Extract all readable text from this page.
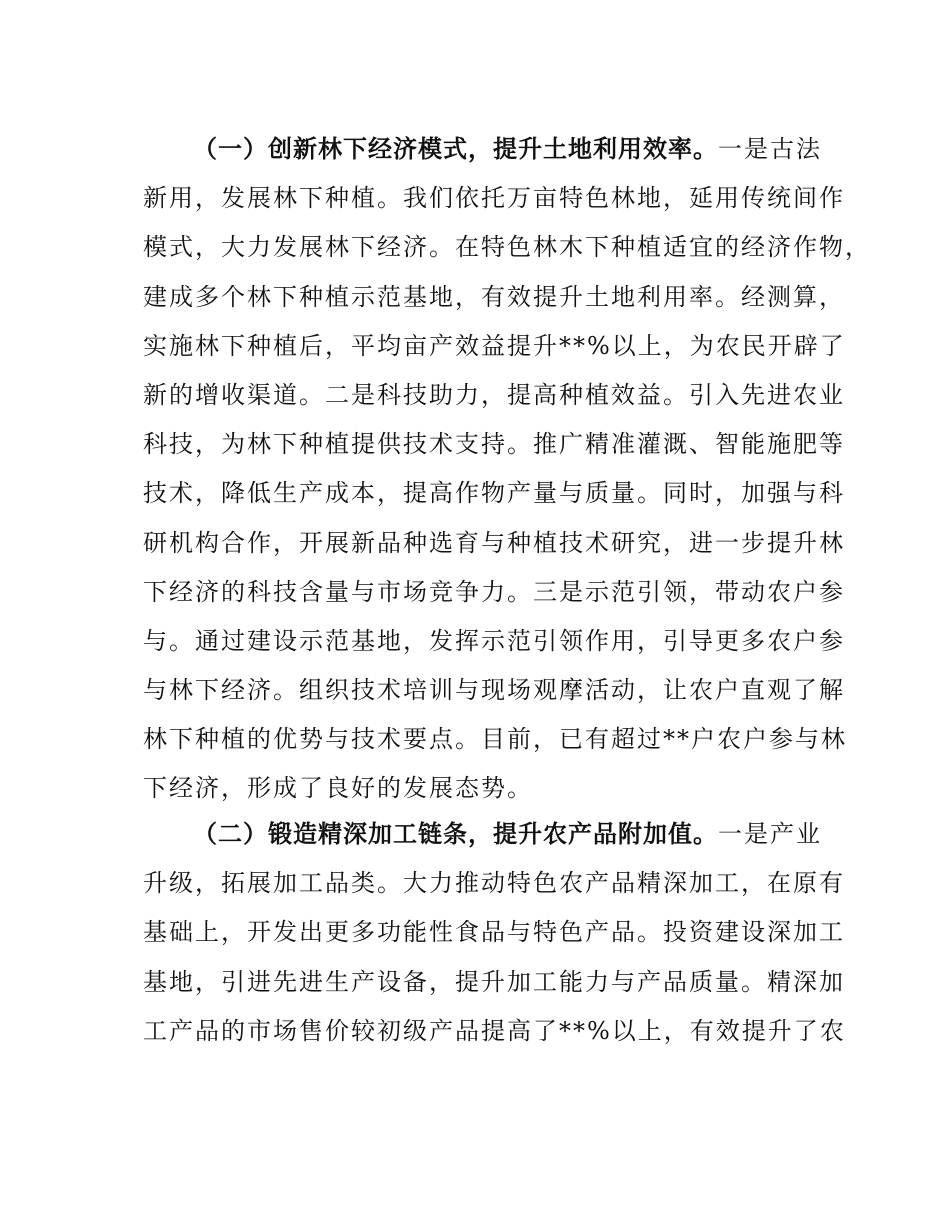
（一）创新林下经济模式，提升土地利用效率。一是古法
新用，发展林下种植。我们依托万亩特色林地，延用传统间作
模式，大力发展林下经济。在特色林木下种植适宜的经济作物，
建成多个林下种植示范基地，有效提升土地利用率。经测算，
实施林下种植后，平均亩产效益提升**%以上，为农民开辟了
新的增收渠道。二是科技助力，提高种植效益。引入先进农业
科技，为林下种植提供技术支持。推广精准灌溉、智能施肥等
技术，降低生产成本，提高作物产量与质量。同时，加强与科
研机构合作，开展新品种选育与种植技术研究，进一步提升林
下经济的科技含量与市场竞争力。三是示范引领，带动农户参
与。通过建设示范基地，发挥示范引领作用，引导更多农户参
与林下经济。组织技术培训与现场观摩活动，让农户直观了解
林下种植的优势与技术要点。目前，已有超过**户农户参与林
下经济，形成了良好的发展态势。
（二）锻造精深加工链条，提升农产品附加值。一是产业
升级，拓展加工品类。大力推动特色农产品精深加工，在原有
基础上，开发出更多功能性食品与特色产品。投资建设深加工
基地，引进先进生产设备，提升加工能力与产品质量。精深加
工产品的市场售价较初级产品提高了**%以上，有效提升了农
